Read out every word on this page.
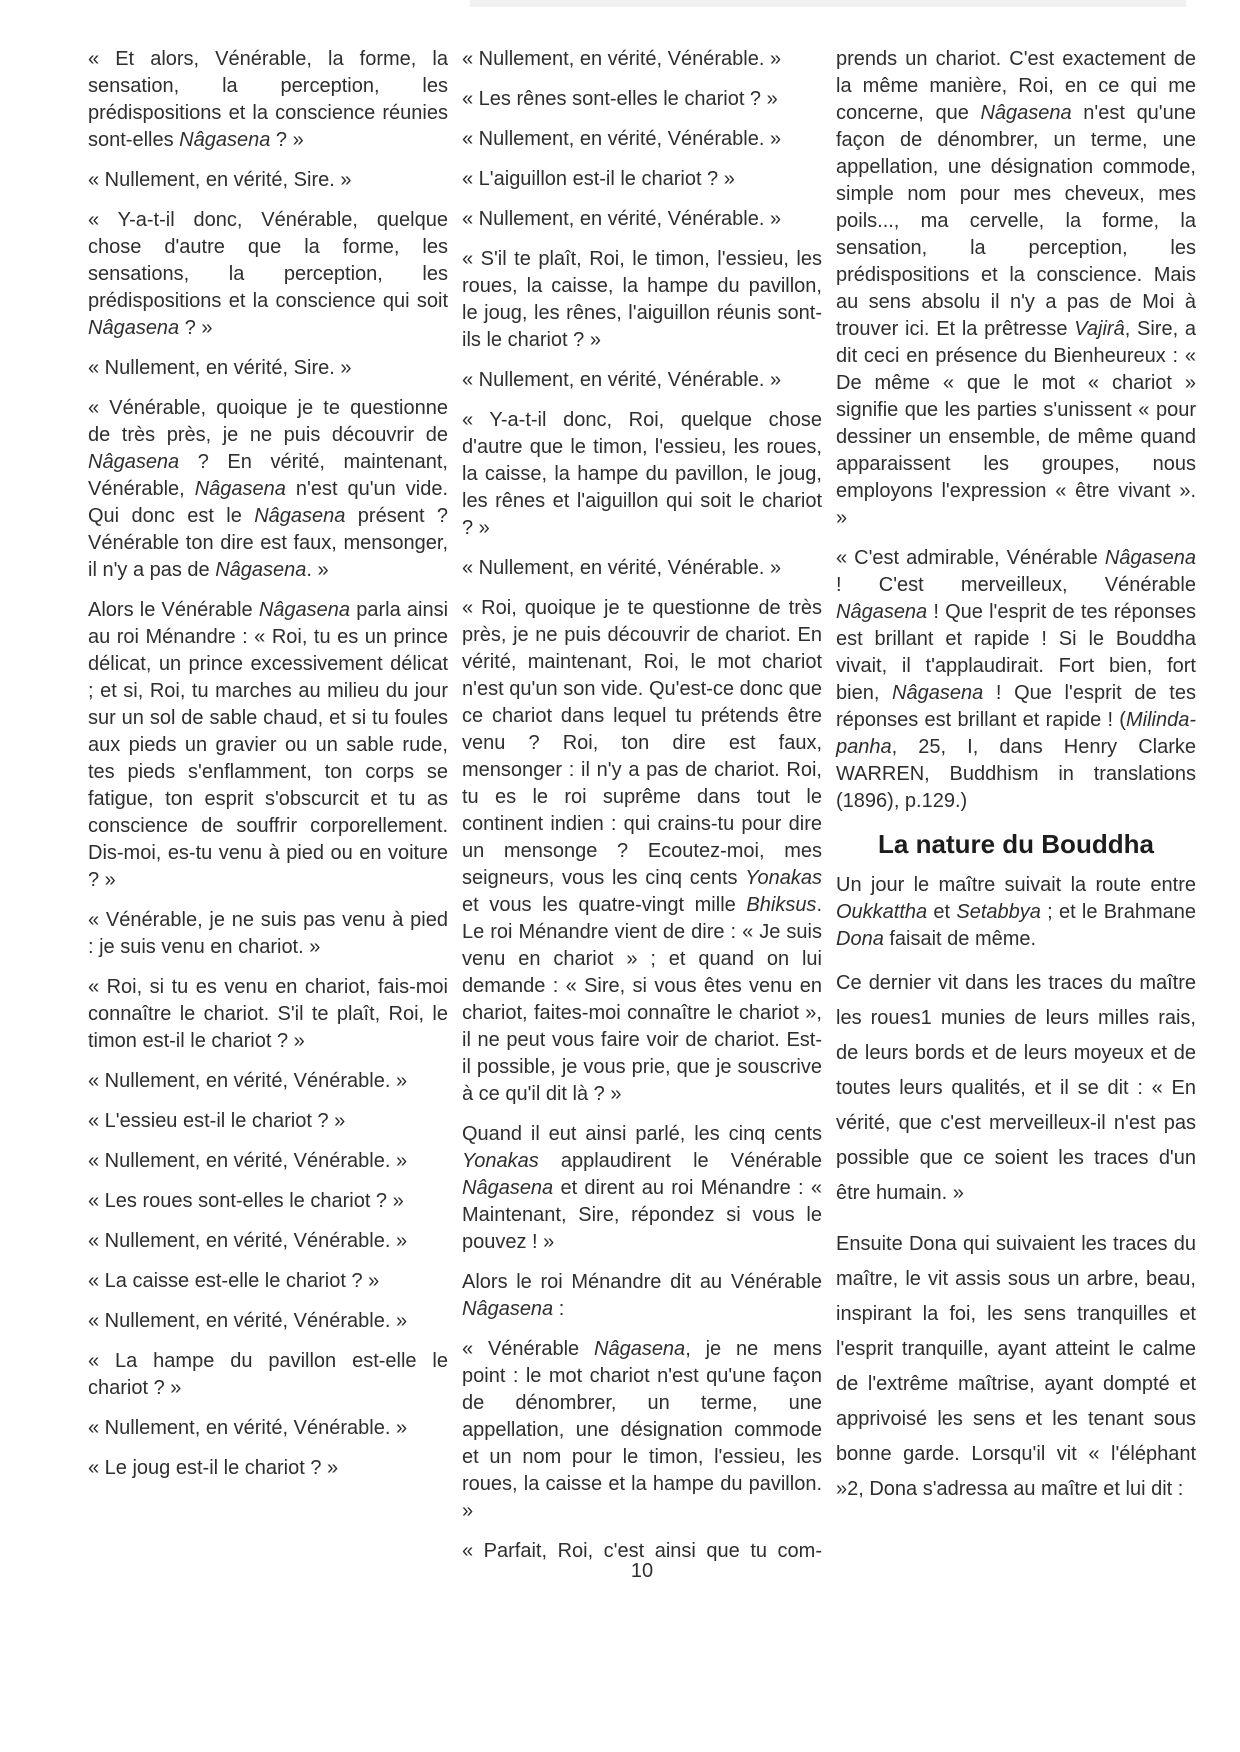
« Et alors, Vénérable, la forme, la sensation, la perception, les prédispositions et la conscience réunies sont-elles Nâgasena ? »

« Nullement, en vérité, Sire. »

« Y-a-t-il donc, Vénérable, quelque chose d'autre que la forme, les sensations, la perception, les prédispositions et la conscience qui soit Nâgasena ? »

« Nullement, en vérité, Sire. »

« Vénérable, quoique je te questionne de très près, je ne puis découvrir de Nâgasena ? En vérité, maintenant, Vénérable, Nâgasena n'est qu'un vide. Qui donc est le Nâgasena présent ? Vénérable ton dire est faux, mensonger, il n'y a pas de Nâgasena. »

Alors le Vénérable Nâgasena parla ainsi au roi Ménandre : « Roi, tu es un prince délicat, un prince excessivement délicat ; et si, Roi, tu marches au milieu du jour sur un sol de sable chaud, et si tu foules aux pieds un gravier ou un sable rude, tes pieds s'enflamment, ton corps se fatigue, ton esprit s'obscurcit et tu as conscience de souffrir corporellement. Dis-moi, es-tu venu à pied ou en voiture ? »

« Vénérable, je ne suis pas venu à pied : je suis venu en chariot. »

« Roi, si tu es venu en chariot, fais-moi connaître le chariot. S'il te plaît, Roi, le timon est-il le chariot ? »

« Nullement, en vérité, Vénérable. »

« L'essieu est-il le chariot ? »

« Nullement, en vérité, Vénérable. »

« Les roues sont-elles le chariot ? »

« Nullement, en vérité, Vénérable. »

« La caisse est-elle le chariot ? »

« Nullement, en vérité, Vénérable. »

« La hampe du pavillon est-elle le chariot ? »

« Nullement, en vérité, Vénérable. »

« Le joug est-il le chariot ? »

« Nullement, en vérité, Vénérable. »

« Les rênes sont-elles le chariot ? »

« Nullement, en vérité, Vénérable. »

« L'aiguillon est-il le chariot ? »

« Nullement, en vérité, Vénérable. »

« S'il te plaît, Roi, le timon, l'essieu, les roues, la caisse, la hampe du pavillon, le joug, les rênes, l'aiguillon réunis sont-ils le chariot ? »

« Nullement, en vérité, Vénérable. »

« Y-a-t-il donc, Roi, quelque chose d'autre que le timon, l'essieu, les roues, la caisse, la hampe du pavillon, le joug, les rênes et l'aiguillon qui soit le chariot ? »

« Nullement, en vérité, Vénérable. »

« Roi, quoique je te questionne de très près, je ne puis découvrir de chariot. En vérité, maintenant, Roi, le mot chariot n'est qu'un son vide. Qu'est-ce donc que ce chariot dans lequel tu prétends être venu ? Roi, ton dire est faux, mensonger : il n'y a pas de chariot. Roi, tu es le roi suprême dans tout le continent indien : qui crains-tu pour dire un mensonge ? Ecoutez-moi, mes seigneurs, vous les cinq cents Yonakas et vous les quatre-vingt mille Bhiksus. Le roi Ménandre vient de dire : « Je suis venu en chariot » ; et quand on lui demande : « Sire, si vous êtes venu en chariot, faites-moi connaître le chariot », il ne peut vous faire voir de chariot. Est-il possible, je vous prie, que je souscrive à ce qu'il dit là ? »

Quand il eut ainsi parlé, les cinq cents Yonakas applaudirent le Vénérable Nâgasena et dirent au roi Ménandre : « Maintenant, Sire, répondez si vous le pouvez ! »

Alors le roi Ménandre dit au Vénérable Nâgasena :

« Vénérable Nâgasena, je ne mens point : le mot chariot n'est qu'une façon de dénombrer, un terme, une appellation, une désignation commode et un nom pour le timon, l'essieu, les roues, la caisse et la hampe du pavillon. »

« Parfait, Roi, c'est ainsi que tu com-

prends un chariot. C'est exactement de la même manière, Roi, en ce qui me concerne, que Nâgasena n'est qu'une façon de dénombrer, un terme, une appellation, une désignation commode, simple nom pour mes cheveux, mes poils..., ma cervelle, la forme, la sensation, la perception, les prédispositions et la conscience. Mais au sens absolu il n'y a pas de Moi à trouver ici. Et la prêtresse Vajirâ, Sire, a dit ceci en présence du Bienheureux : « De même « que le mot « chariot » signifie que les parties s'unissent « pour dessiner un ensemble, de même quand apparaissent les groupes, nous employons l'expression « être vivant ». »

« C'est admirable, Vénérable Nâgasena ! C'est merveilleux, Vénérable Nâgasena ! Que l'esprit de tes réponses est brillant et rapide ! Si le Bouddha vivait, il t'applaudirait. Fort bien, fort bien, Nâgasena ! Que l'esprit de tes réponses est brillant et rapide ! (Milinda-panha, 25, I, dans Henry Clarke WARREN, Buddhism in translations (1896), p.129.)

La nature du Bouddha

Un jour le maître suivait la route entre Oukkattha et Setabbya ; et le Brahmane Dona faisait de même.

Ce dernier vit dans les traces du maître les roues1 munies de leurs milles rais, de leurs bords et de leurs moyeux et de toutes leurs qualités, et il se dit : « En vérité, que c'est merveilleux-il n'est pas possible que ce soient les traces d'un être humain. »

Ensuite Dona qui suivaient les traces du maître, le vit assis sous un arbre, beau, inspirant la foi, les sens tranquilles et l'esprit tranquille, ayant atteint le calme de l'extrême maîtrise, ayant dompté et apprivoisé les sens et les tenant sous bonne garde. Lorsqu'il vit « l'éléphant »2, Dona s'adressa au maître et lui dit :

10
